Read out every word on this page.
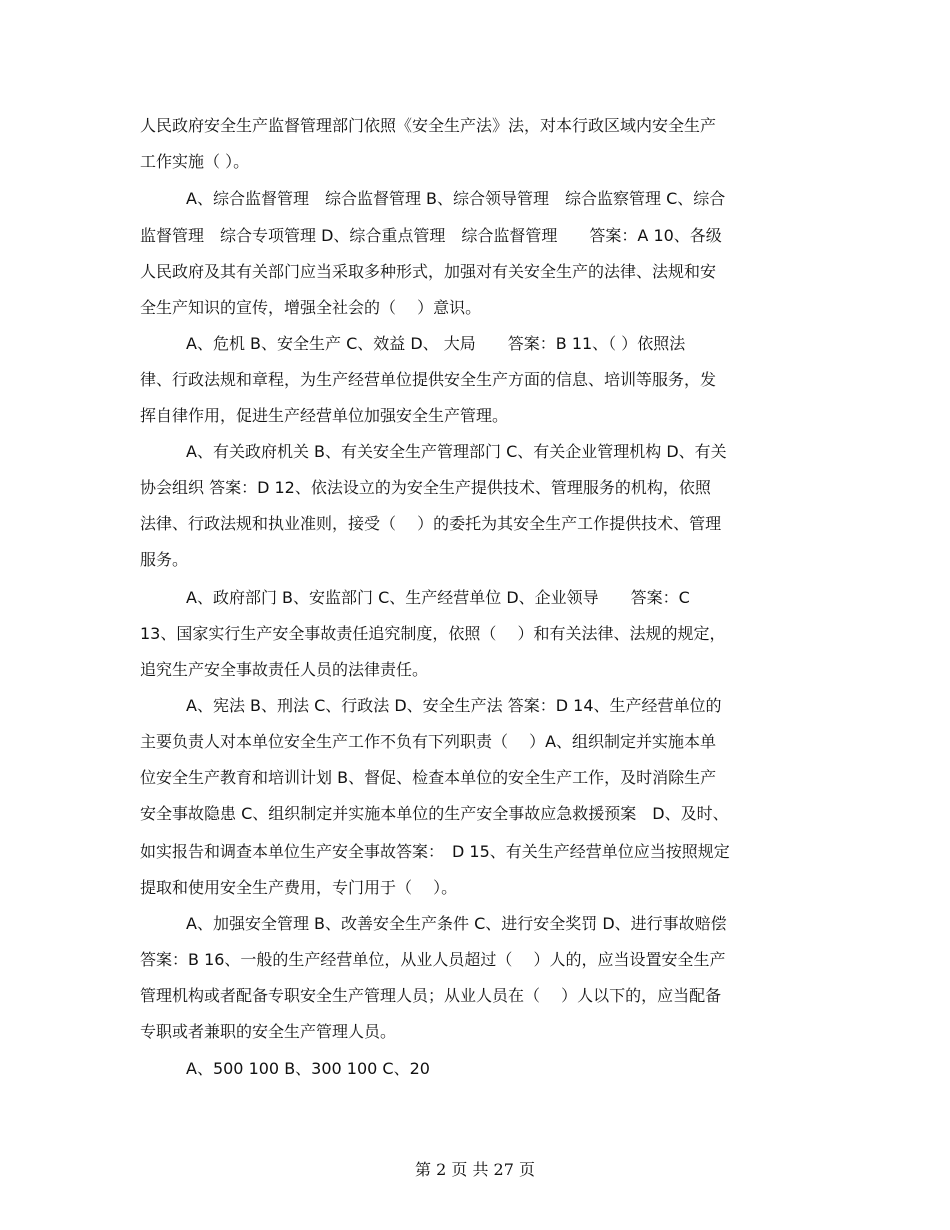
人民政府安全生产监督管理部门依照《安全生产法》法，对本行政区域内安全生产
工作实施（ ）。
A、综合监督管理　综合监督管理 B、综合领导管理　综合监察管理 C、综合
监督管理　综合专项管理 D、综合重点管理　综合监督管理　　答案：A 10、各级
人民政府及其有关部门应当采取多种形式，加强对有关安全生产的法律、法规和安
全生产知识的宣传，增强全社会的（　 ）意识。
A、危机 B、安全生产 C、效益 D、 大局　　答案：B 11、（ ）依照法
律、行政法规和章程，为生产经营单位提供安全生产方面的信息、培训等服务，发
挥自律作用，促进生产经营单位加强安全生产管理。
A、有关政府机关 B、有关安全生产管理部门 C、有关企业管理机构 D、有关
协会组织 答案：D 12、依法设立的为安全生产提供技术、管理服务的机构，依照
法律、行政法规和执业准则，接受（　 ）的委托为其安全生产工作提供技术、管理
服务。
A、政府部门 B、安监部门 C、生产经营单位 D、企业领导　　答案：C
13、国家实行生产安全事故责任追究制度，依照（　 ）和有关法律、法规的规定，
追究生产安全事故责任人员的法律责任。
A、宪法 B、刑法 C、行政法 D、安全生产法 答案：D 14、生产经营单位的
主要负责人对本单位安全生产工作不负有下列职责（　 ）A、组织制定并实施本单
位安全生产教育和培训计划 B、督促、检查本单位的安全生产工作，及时消除生产
安全事故隐患 C、组织制定并实施本单位的生产安全事故应急救援预案　D、及时、
如实报告和调查本单位生产安全事故答案：　D 15、有关生产经营单位应当按照规定
提取和使用安全生产费用，专门用于（　 ）。
A、加强安全管理 B、改善安全生产条件 C、进行安全奖罚 D、进行事故赔偿
答案：B 16、一般的生产经营单位，从业人员超过（　 ）人的，应当设置安全生产
管理机构或者配备专职安全生产管理人员；从业人员在（　 ）人以下的，应当配备
专职或者兼职的安全生产管理人员。
A、500 100 B、300 100 C、20
第 2 页 共 27 页
